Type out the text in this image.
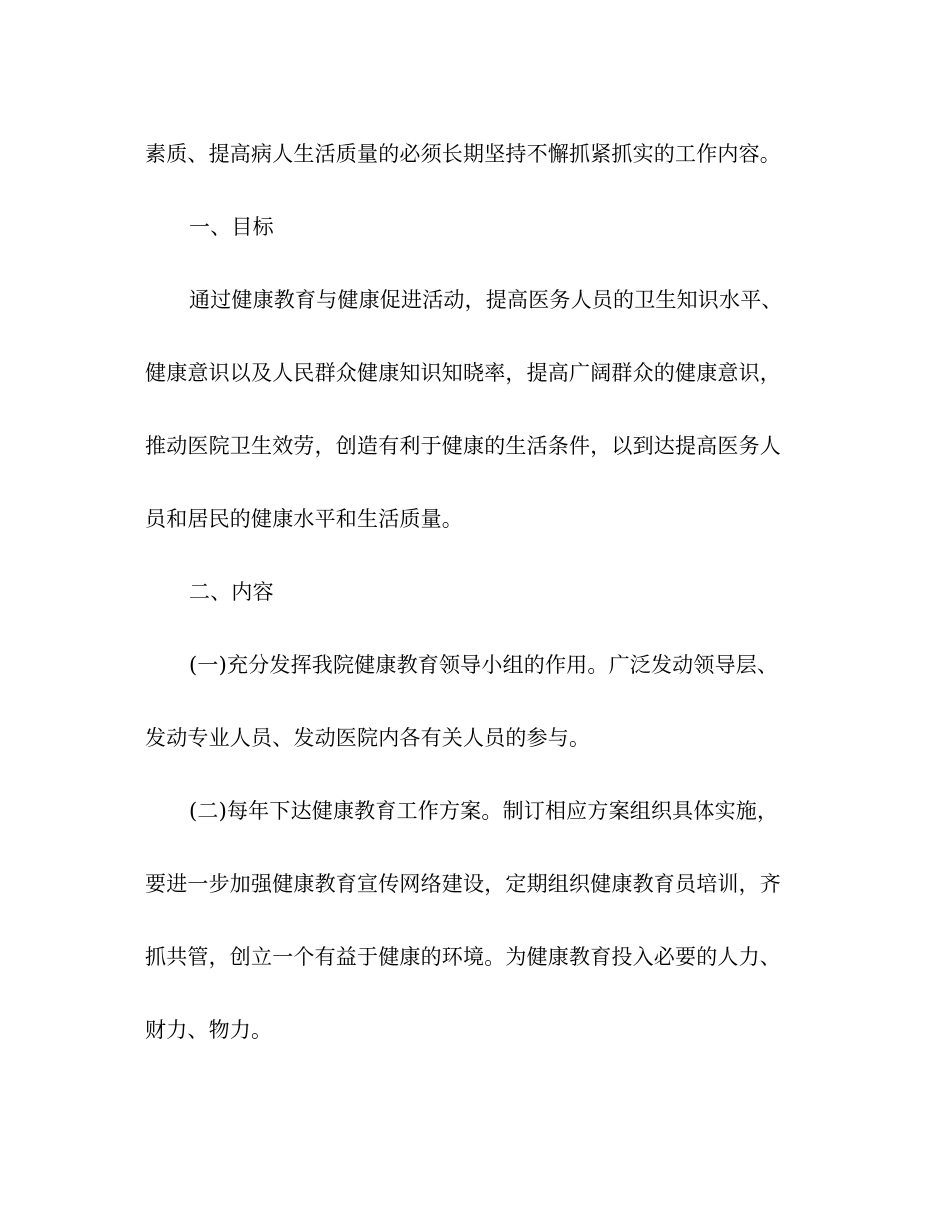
素质、提高病人生活质量的必须长期坚持不懈抓紧抓实的工作内容。
一、目标
通过健康教育与健康促进活动，提高医务人员的卫生知识水平、
健康意识以及人民群众健康知识知晓率，提高广阔群众的健康意识，
推动医院卫生效劳，创造有利于健康的生活条件，以到达提高医务人
员和居民的健康水平和生活质量。
二、内容
(一)充分发挥我院健康教育领导小组的作用。广泛发动领导层、
发动专业人员、发动医院内各有关人员的参与。
(二)每年下达健康教育工作方案。制订相应方案组织具体实施，
要进一步加强健康教育宣传网络建设，定期组织健康教育员培训，齐
抓共管，创立一个有益于健康的环境。为健康教育投入必要的人力、
财力、物力。
